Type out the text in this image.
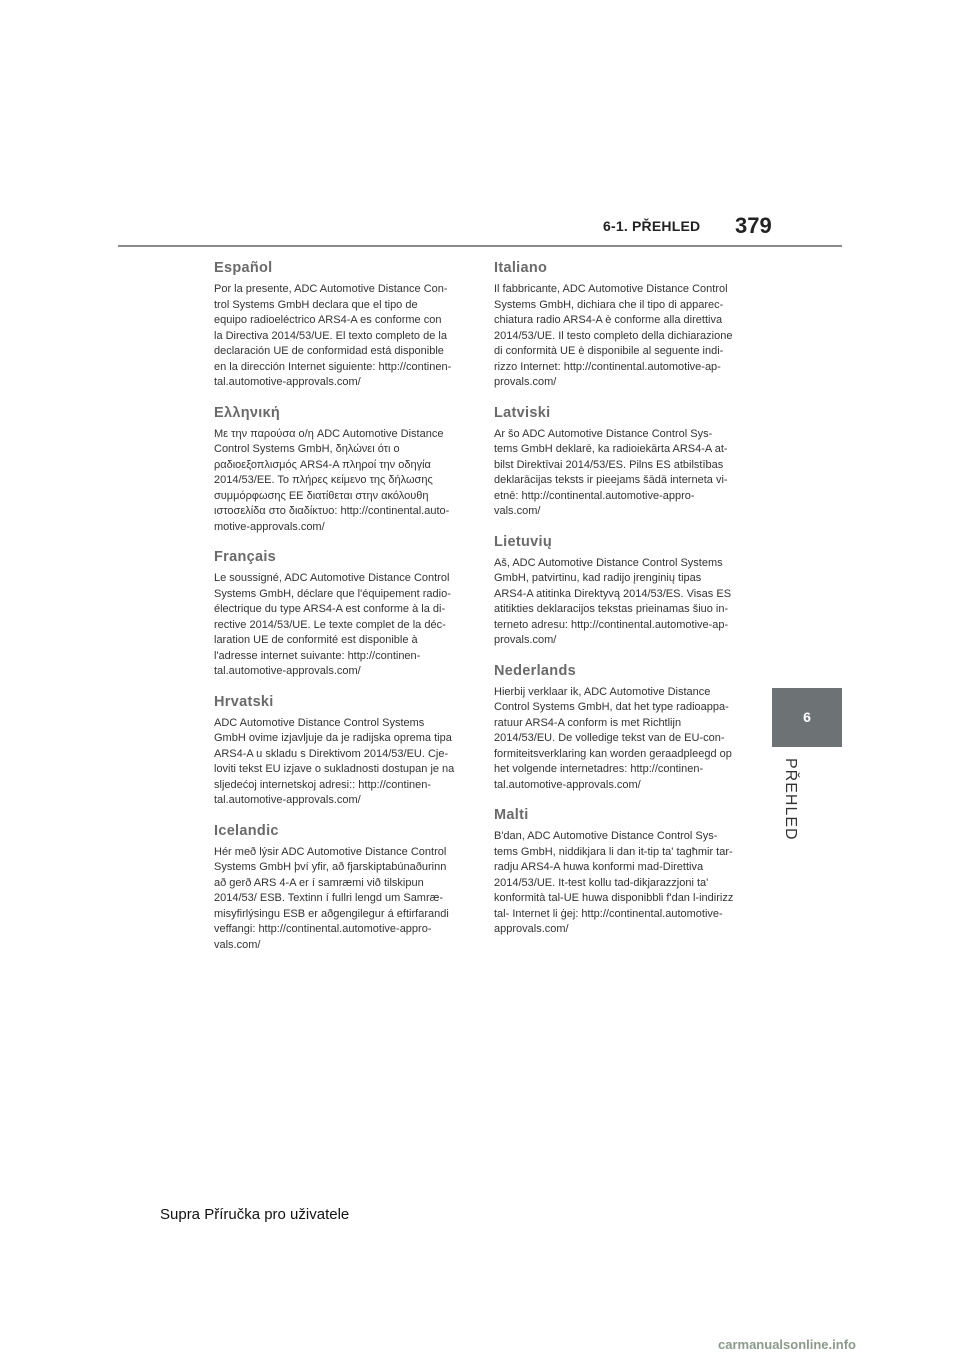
6-1. PŘEHLED 379
6
PŘEHLED
Español

Por la presente, ADC Automotive Distance Con-
trol Systems GmbH declara que el tipo de
equipo radioeléctrico ARS4-A es conforme con
la Directiva 2014/53/UE. El texto completo de la
declaración UE de conformidad está disponible
en la dirección Internet siguiente: http://continen-
tal.automotive-approvals.com/

Ελληνική

Με την παρούσα ο/η ADC Automotive Distance
Control Systems GmbH, δηλώνει ότι ο
ραδιοεξοπλισμός ARS4-A πληροί την οδηγία
2014/53/ΕΕ. Το πλήρες κείμενο της δήλωσης
συμμόρφωσης ΕΕ διατίθεται στην ακόλουθη
ιστοσελίδα στο διαδίκτυο: http://continental.auto-
motive-approvals.com/

Français

Le soussigné, ADC Automotive Distance Control
Systems GmbH, déclare que l'équipement radio-
électrique du type ARS4-A est conforme à la di-
rective 2014/53/UE. Le texte complet de la déc-
laration UE de conformité est disponible à
l'adresse internet suivante: http://continen-
tal.automotive-approvals.com/

Hrvatski

ADC Automotive Distance Control Systems
GmbH ovime izjavljuje da je radijska oprema tipa
ARS4-A u skladu s Direktivom 2014/53/EU. Cje-
loviti tekst EU izjave o sukladnosti dostupan je na
sljedećoj internetskoj adresi:: http://continen-
tal.automotive-approvals.com/

Icelandic

Hér með lýsir ADC Automotive Distance Control
Systems GmbH því yfir, að fjarskiptabúnaðurinn
að gerð ARS 4-A er í samræmi við tilskipun
2014/53/ ESB. Textinn í fullri lengd um Samræ-
misyfirlýsingu ESB er aðgengilegur á eftirfarandi
veffangi: http://continental.automotive-appro-
vals.com/

Italiano

Il fabbricante, ADC Automotive Distance Control
Systems GmbH, dichiara che il tipo di apparec-
chiatura radio ARS4-A è conforme alla direttiva
2014/53/UE. Il testo completo della dichiarazione
di conformità UE è disponibile al seguente indi-
rizzo Internet: http://continental.automotive-ap-
provals.com/

Latviski

Ar šo ADC Automotive Distance Control Sys-
tems GmbH deklarē, ka radioiekārta ARS4-A at-
bilst Direktīvai 2014/53/ES. Pilns ES atbilstības
deklarācijas teksts ir pieejams šādā interneta vi-
etnē: http://continental.automotive-appro-
vals.com/

Lietuvių

Aš, ADC Automotive Distance Control Systems
GmbH, patvirtinu, kad radijo įrenginių tipas
ARS4-A atitinka Direktyvą 2014/53/ES. Visas ES
atitikties deklaracijos tekstas prieinamas šiuo in-
terneto adresu: http://continental.automotive-ap-
provals.com/

Nederlands

Hierbij verklaar ik, ADC Automotive Distance
Control Systems GmbH, dat het type radioappa-
ratuur ARS4-A conform is met Richtlijn
2014/53/EU. De volledige tekst van de EU-con-
formiteitsverklaring kan worden geraadpleegd op
het volgende internetadres: http://continen-
tal.automotive-approvals.com/

Malti

B'dan, ADC Automotive Distance Control Sys-
tems GmbH, niddikjara li dan it-tip ta' tagħmir tar-
radju ARS4-A huwa konformi mad-Direttiva
2014/53/UE. It-test kollu tad-dikjarazzjoni ta'
konformità tal-UE huwa disponibbli f'dan l-indirizz
tal- Internet li ġej: http://continental.automotive-
approvals.com/

Supra Příručka pro uživatele
carmanualsonline.info
